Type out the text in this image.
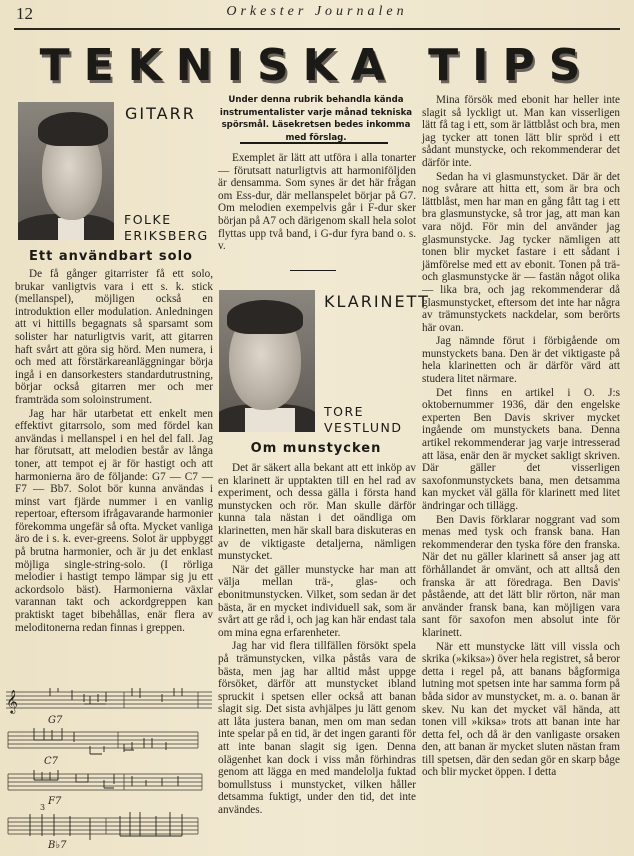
12	Orkester Journalen
TEKNISKA TIPS
GITARR
FOLKE
ERIKSBERG
Ett användbart solo

De få gånger gitarrister få ett solo, brukar vanligtvis vara i ett s. k. stick (mellanspel), möjligen också en introduktion eller modulation. Anledningen att vi hittills begagnats så sparsamt som solister har naturligtvis varit, att gitarren haft svårt att göra sig hörd. Men numera, i och med att förstärkareanläggningar börja ingå i en dansorkesters standardutrustning, börjar också gitarren mer och mer framträda som soloinstrument.

Jag har här utarbetat ett enkelt men effektivt gitarrsolo, som med fördel kan användas i mellanspel i en hel del fall. Jag har förutsatt, att melodien består av långa toner, att tempot ej är för hastigt och att harmonierna äro de följande: G7 — C7 — F7 — Bb7. Solot bör kunna användas i minst vart fjärde nummer i en vanlig repertoar, eftersom ifrågavarande harmonier förekomma ungefär så ofta. Mycket vanliga äro de i s. k. ever-greens. Solot är uppbyggt på brutna harmonier, och är ju det enklast möjliga single-string-solo. (I rörliga melodier i hastigt tempo lämpar sig ju ett ackordsolo bäst). Harmonierna växlar varannan takt och ackordgreppen kan praktiskt taget bibehållas, enär flera av meloditonerna redan finnas i greppen.

𝄞
G7
C7
F7
B♭7
3
Under denna rubrik behandla kända instrumentalister varje månad tekniska spörsmål. Läsekretsen bedes inkomma med förslag.

Exemplet är lätt att utföra i alla tonarter — förutsatt naturligtvis att harmoniföljden är densamma. Som synes är det här frågan om Ess-dur, där mellanspelet börjar på G7. Om melodien exempelvis går i F-dur sker början på A7 och därigenom skall hela solot flyttas upp två band, i G-dur fyra band o. s. v.

KLARINETT
TORE
VESTLUND
Om munstycken

Det är säkert alla bekant att ett inköp av en klarinett är upptakten till en hel rad av experiment, och dessa gälla i första hand munstycken och rör. Man skulle därför kunna tala nästan i det oändliga om klarinetten, men här skall bara diskuteras en av de viktigaste detaljerna, nämligen munstycket.

När det gäller munstycke har man att välja mellan trä-, glas- och ebonitmunstycken. Vilket, som sedan är det bästa, är en mycket individuell sak, som är svårt att ge råd i, och jag kan här endast tala om mina egna erfarenheter.

Jag har vid flera tillfällen försökt spela på trämunstycken, vilka påstås vara de bästa, men jag har alltid måst uppge försöket, därför att munstycket ibland spruckit i spetsen eller också att banan slagit sig. Det sista avhjälpes ju lätt genom att låta justera banan, men om man sedan inte spelar på en tid, är det ingen garanti för att inte banan slagit sig igen. Denna olägenhet kan dock i viss mån förhindras genom att lägga en med mandelolja fuktad bomullstuss i munstycket, vilken håller detsamma fuktigt, under den tid, det inte användes.

Mina försök med ebonit har heller inte slagit så lyckligt ut. Man kan visserligen lätt få tag i ett, som är lättblåst och bra, men jag tycker att tonen lätt blir spröd i ett sådant munstycke, och rekommenderar det därför inte.

Sedan ha vi glasmunstycket. Där är det nog svårare att hitta ett, som är bra och lättblåst, men har man en gång fått tag i ett bra glasmunstycke, så tror jag, att man kan vara nöjd. För min del använder jag glasmunstycke. Jag tycker nämligen att tonen blir mycket fastare i ett sådant i jämförelse med ett av ebonit. Tonen på trä- och glasmunstycke är — fastän något olika — lika bra, och jag rekommenderar då glasmunstycket, eftersom det inte har några av trämunstyckets nackdelar, som berörts här ovan.

Jag nämnde förut i förbigående om munstyckets bana. Den är det viktigaste på hela klarinetten och är därför värd att studera litet närmare.

Det finns en artikel i O. J:s oktobernummer 1936, där den engelske experten Ben Davis skriver mycket ingående om munstyckets bana. Denna artikel rekommenderar jag varje intresserad att läsa, enär den är mycket sakligt skriven. Där gäller det visserligen saxofonmunstyckets bana, men detsamma kan mycket väl gälla för klarinett med litet ändringar och tillägg.

Ben Davis förklarar noggrant vad som menas med tysk och fransk bana. Han rekommenderar den tyska före den franska. När det nu gäller klarinett så anser jag att förhållandet är omvänt, och att alltså den franska är att föredraga. Ben Davis' påstående, att det lätt blir rörton, när man använder fransk bana, kan möjligen vara sant för saxofon men absolut inte för klarinett.

När ett munstycke lätt vill vissla och skrika (»kiksa») över hela registret, så beror detta i regel på, att banans bågformiga lutning mot spetsen inte har samma form på båda sidor av munstycket, m. a. o. banan är skev. Nu kan det mycket väl hända, att tonen vill »kiksa» trots att banan inte har detta fel, och då är den vanligaste orsaken den, att banan är mycket sluten nästan fram till spetsen, där den sedan gör en skarp båge och blir mycket öppen. I detta
